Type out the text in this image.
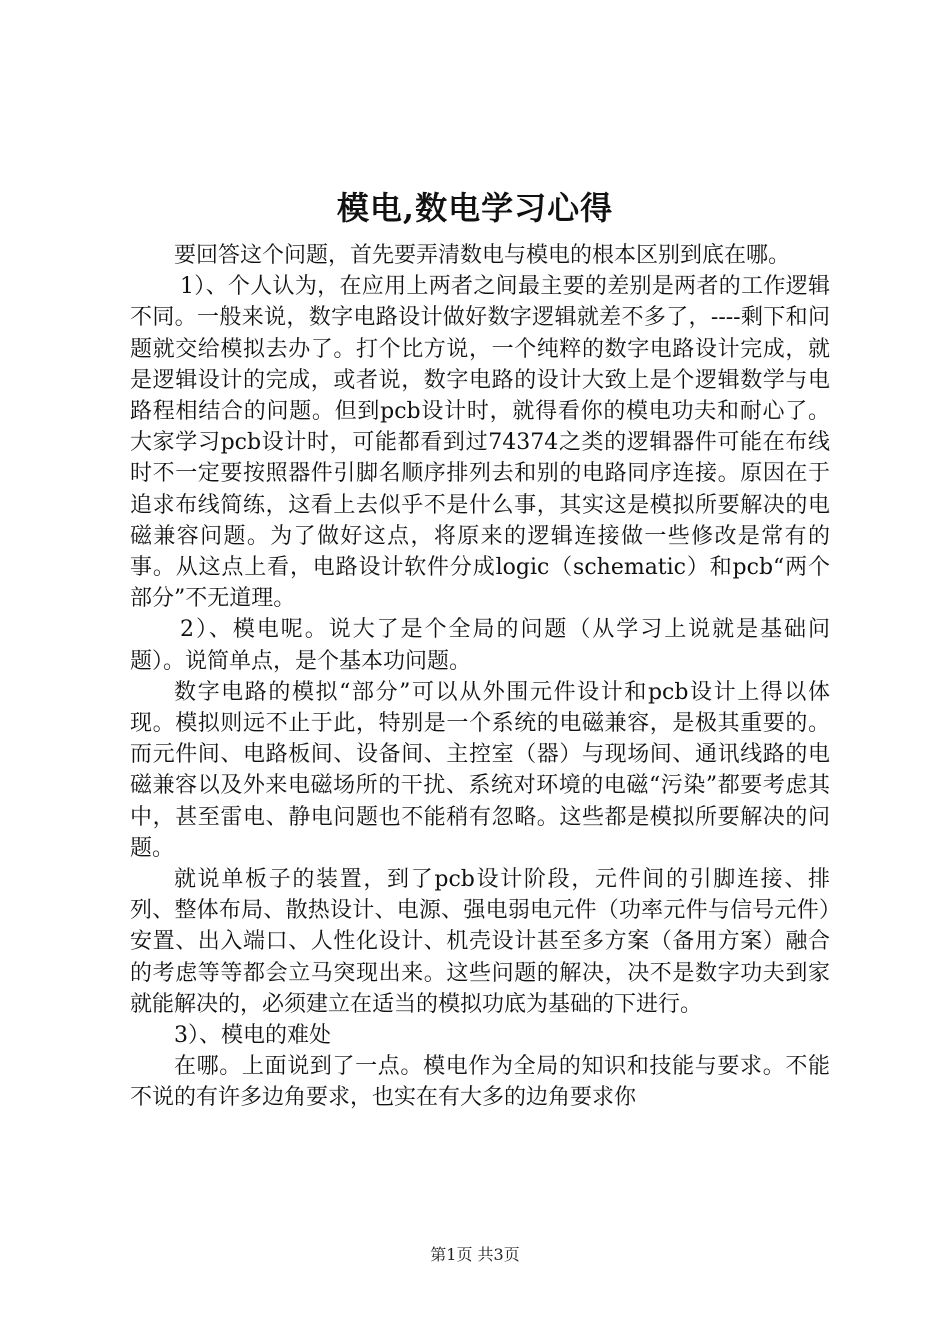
模电,数电学习心得

要回答这个问题，首先要弄清数电与模电的根本区别到底在哪。

1）、个人认为，在应用上两者之间最主要的差别是两者的工作逻辑不同。一般来说，数字电路设计做好数字逻辑就差不多了，----剩下和问题就交给模拟去办了。打个比方说，一个纯粹的数字电路设计完成，就是逻辑设计的完成，或者说，数字电路的设计大致上是个逻辑数学与电路程相结合的问题。但到pcb设计时，就得看你的模电功夫和耐心了。大家学习pcb设计时，可能都看到过74374之类的逻辑器件可能在布线时不一定要按照器件引脚名顺序排列去和别的电路同序连接。原因在于追求布线简练，这看上去似乎不是什么事，其实这是模拟所要解决的电磁兼容问题。为了做好这点，将原来的逻辑连接做一些修改是常有的事。从这点上看，电路设计软件分成logic（schematic）和pcb“两个部分”不无道理。

2）、模电呢。说大了是个全局的问题（从学习上说就是基础问题）。说简单点，是个基本功问题。

数字电路的模拟“部分”可以从外围元件设计和pcb设计上得以体现。模拟则远不止于此，特别是一个系统的电磁兼容，是极其重要的。而元件间、电路板间、设备间、主控室（器）与现场间、通讯线路的电磁兼容以及外来电磁场所的干扰、系统对环境的电磁“污染”都要考虑其中，甚至雷电、静电问题也不能稍有忽略。这些都是模拟所要解决的问题。

就说单板子的装置，到了pcb设计阶段，元件间的引脚连接、排列、整体布局、散热设计、电源、强电弱电元件（功率元件与信号元件）安置、出入端口、人性化设计、机壳设计甚至多方案（备用方案）融合的考虑等等都会立马突现出来。这些问题的解决，决不是数字功夫到家就能解决的，必须建立在适当的模拟功底为基础的下进行。

3）、模电的难处

在哪。上面说到了一点。模电作为全局的知识和技能与要求。不能不说的有许多边角要求，也实在有大多的边角要求你

第1页 共3页
